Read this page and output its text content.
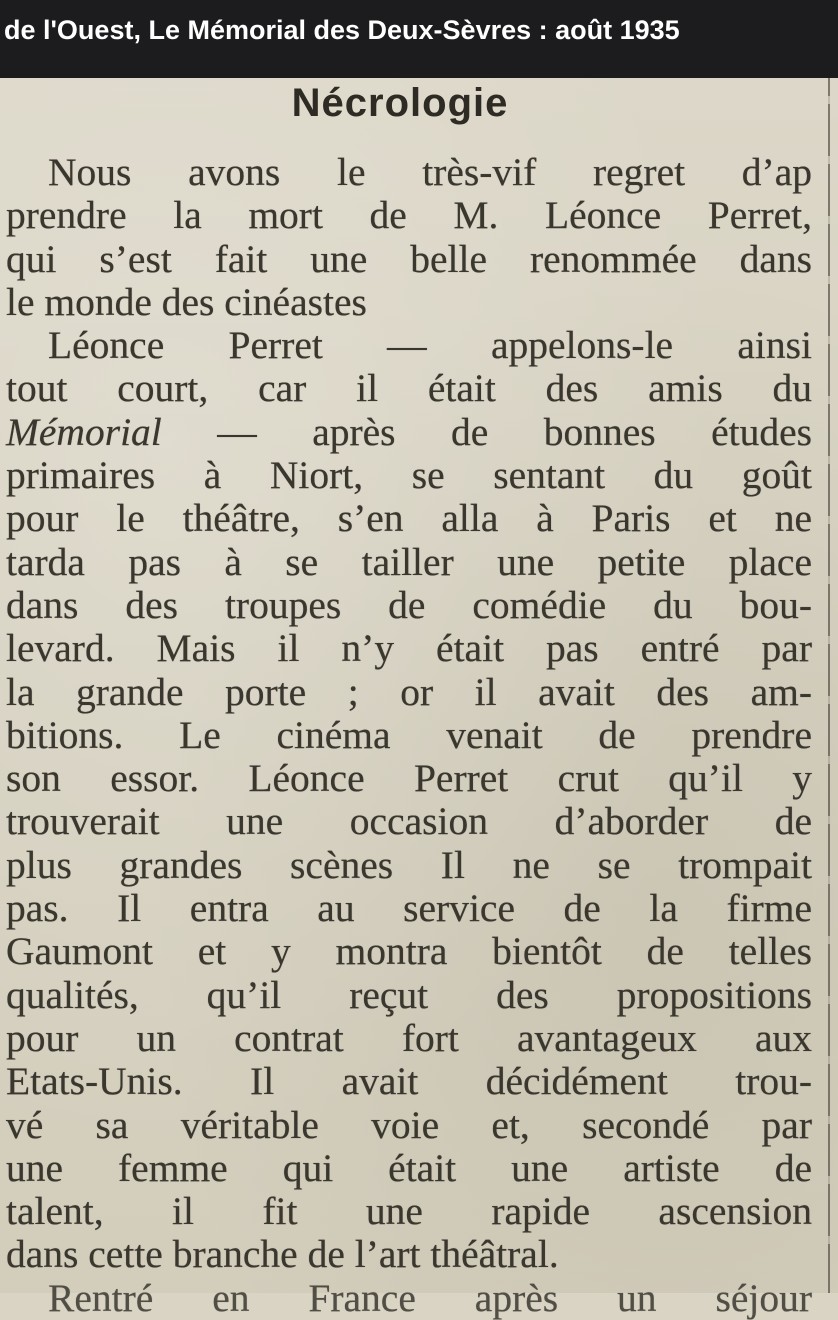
de l'Ouest, Le Mémorial des Deux-Sèvres : août 1935
Nécrologie
Nous avons le très-vif regret d’ap
prendre la mort de M. Léonce Perret,
qui s’est fait une belle renommée dans
le monde des cinéastes
Léonce Perret — appelons-le ainsi
tout court, car il était des amis du
Mémorial — après de bonnes études
primaires à Niort, se sentant du goût
pour le théâtre, s’en alla à Paris et ne
tarda pas à se tailler une petite place
dans des troupes de comédie du bou-
levard. Mais il n’y était pas entré par
la grande porte ; or il avait des am-
bitions. Le cinéma venait de prendre
son essor. Léonce Perret crut qu’il y
trouverait une occasion d’aborder de
plus grandes scènes Il ne se trompait
pas. Il entra au service de la firme
Gaumont et y montra bientôt de telles
qualités, qu’il reçut des propositions
pour un contrat fort avantageux aux
Etats-Unis. Il avait décidément trou-
vé sa véritable voie et, secondé par
une femme qui était une artiste de
talent, il fit une rapide ascension
dans cette branche de l’art théâtral.
Rentré en France après un séjour
